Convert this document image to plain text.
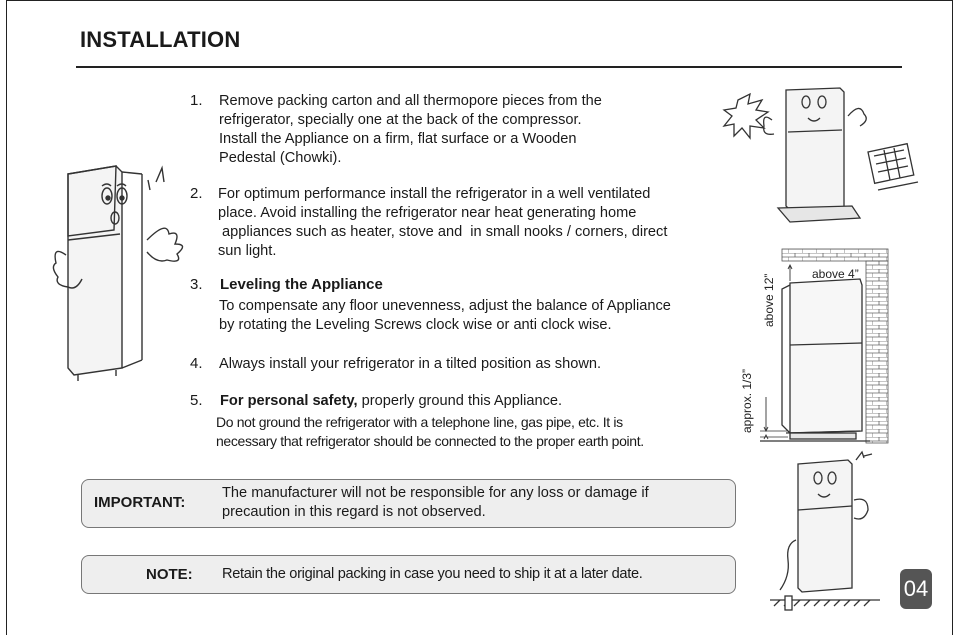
INSTALLATION
1. Remove packing carton and all thermopore pieces from the
refrigerator, specially one at the back of the compressor.
Install the Appliance on a firm, flat surface or a Wooden
Pedestal (Chowki).
2. For optimum performance install the refrigerator in a well ventilated
place. Avoid installing the refrigerator near heat generating home
appliances such as heater, stove and  in small nooks / corners, direct
sun light.
3. Leveling the Appliance
To compensate any floor unevenness, adjust the balance of Appliance
by rotating the Leveling Screws clock wise or anti clock wise.
4. Always install your refrigerator in a tilted position as shown.
5. For personal safety, properly ground this Appliance.
Do not ground the refrigerator with a telephone line, gas pipe, etc. It is
necessary that refrigerator should be connected to the proper earth point.
IMPORTANT:
The manufacturer will not be responsible for any loss or damage if
precaution in this regard is not observed.
NOTE: Retain the original packing in case you need to ship it at a later date.
04
above 4”
above 12”
approx. 1/3”
